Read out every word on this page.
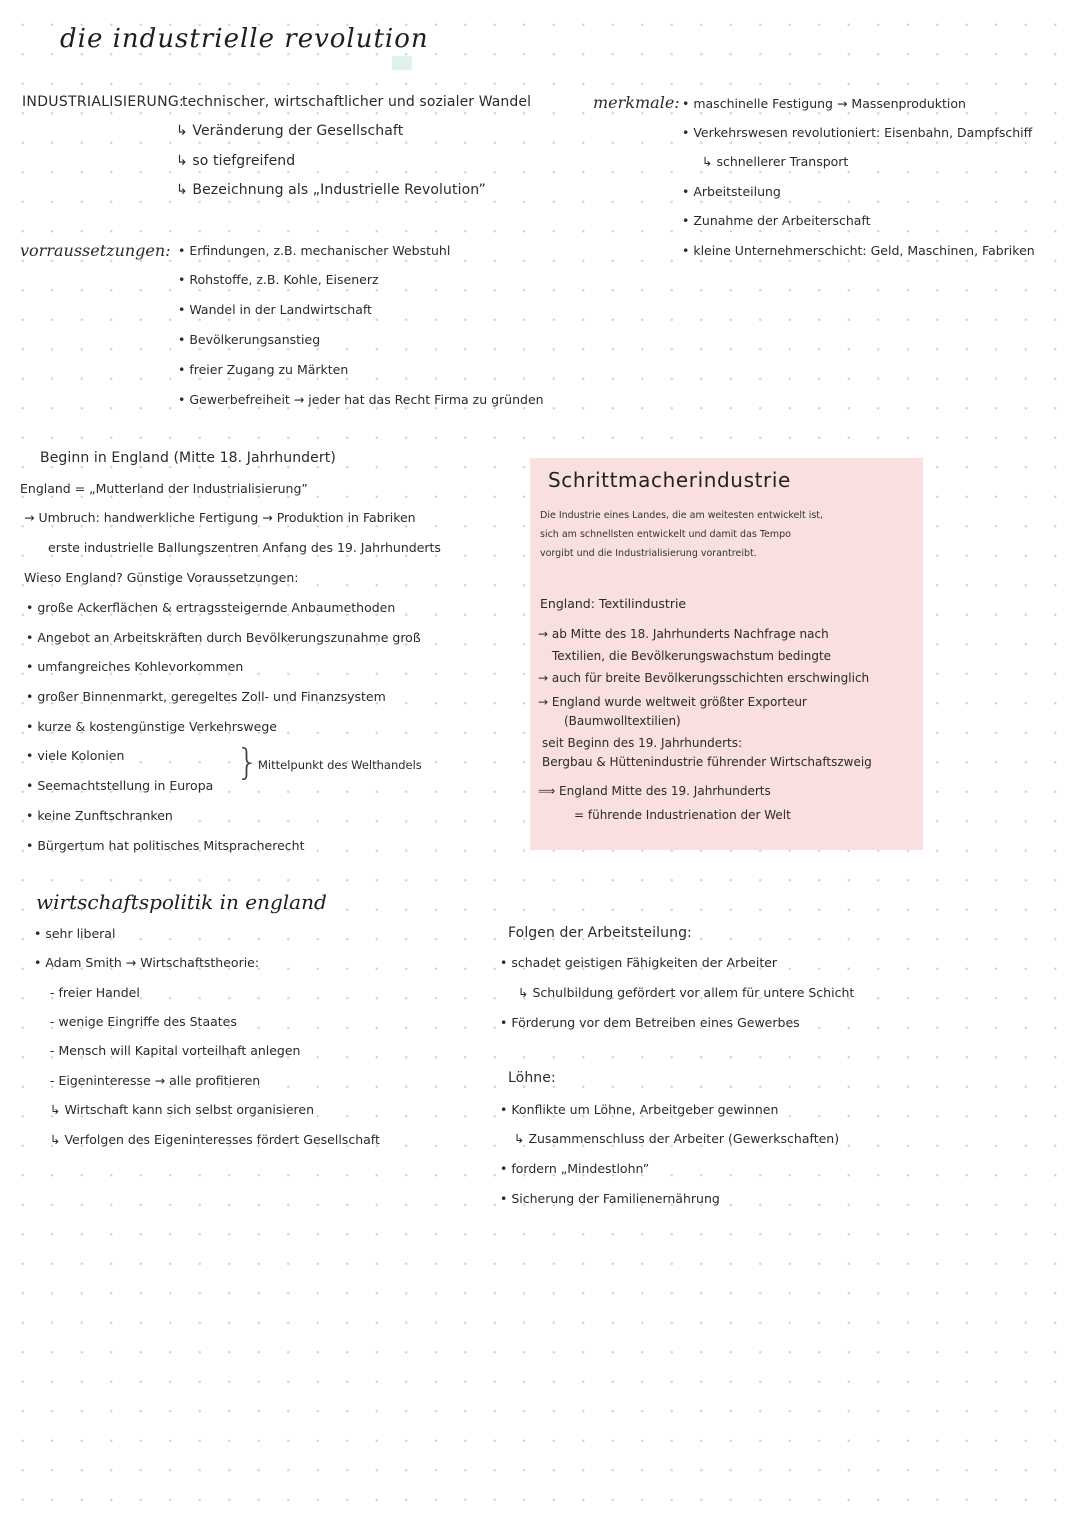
die industrielle revolution
INDUSTRIALISIERUNG:
technischer, wirtschaftlicher und sozialer Wandel
↳ Veränderung der Gesellschaft
↳ so tiefgreifend
↳ Bezeichnung als „Industrielle Revolution”
merkmale: • maschinelle Festigung → Massenproduktion
• Verkehrswesen revolutioniert: Eisenbahn, Dampfschiff
↳ schnellerer Transport
• Arbeitsteilung
• Zunahme der Arbeiterschaft
• kleine Unternehmerschicht: Geld, Maschinen, Fabriken
vorraussetzungen: • Erfindungen, z.B. mechanischer Webstuhl
• Rohstoffe, z.B. Kohle, Eisenerz
• Wandel in der Landwirtschaft
• Bevölkerungsanstieg
• freier Zugang zu Märkten
• Gewerbefreiheit → jeder hat das Recht Firma zu gründen
Beginn in England (Mitte 18. Jahrhundert)
England = „Mutterland der Industrialisierung”
→ Umbruch: handwerkliche Fertigung → Produktion in Fabriken
erste industrielle Ballungszentren Anfang des 19. Jahrhunderts
Wieso England? Günstige Voraussetzungen:
• große Ackerflächen & ertragssteigernde Anbaumethoden
• Angebot an Arbeitskräften durch Bevölkerungszunahme groß
• umfangreiches Kohlevorkommen
• großer Binnenmarkt, geregeltes Zoll- und Finanzsystem
• kurze & kostengünstige Verkehrswege
• viele Kolonien
• Seemachtstellung in Europa
• keine Zunftschranken
• Bürgertum hat politisches Mitspracherecht
} Mittelpunkt des Welthandels
Schrittmacherindustrie
Die Industrie eines Landes, die am weitesten entwickelt ist,
sich am schnellsten entwickelt und damit das Tempo
vorgibt und die Industrialisierung vorantreibt.
England: Textilindustrie
→ ab Mitte des 18. Jahrhunderts Nachfrage nach
Textilien, die Bevölkerungswachstum bedingte
→ auch für breite Bevölkerungsschichten erschwinglich
→ England wurde weltweit größter Exporteur
(Baumwolltextilien)
seit Beginn des 19. Jahrhunderts:
Bergbau & Hüttenindustrie führender Wirtschaftszweig
⟹ England Mitte des 19. Jahrhunderts
= führende Industrienation der Welt
wirtschaftspolitik in england
• sehr liberal
• Adam Smith → Wirtschaftstheorie:
- freier Handel
- wenige Eingriffe des Staates
- Mensch will Kapital vorteilhaft anlegen
- Eigeninteresse → alle profitieren
↳ Wirtschaft kann sich selbst organisieren
↳ Verfolgen des Eigeninteresses fördert Gesellschaft
Folgen der Arbeitsteilung:
• schadet geistigen Fähigkeiten der Arbeiter
↳ Schulbildung gefördert vor allem für untere Schicht
• Förderung vor dem Betreiben eines Gewerbes
Löhne:
• Konflikte um Löhne, Arbeitgeber gewinnen
↳ Zusammenschluss der Arbeiter (Gewerkschaften)
• fordern „Mindestlohn”
• Sicherung der Familienernährung
